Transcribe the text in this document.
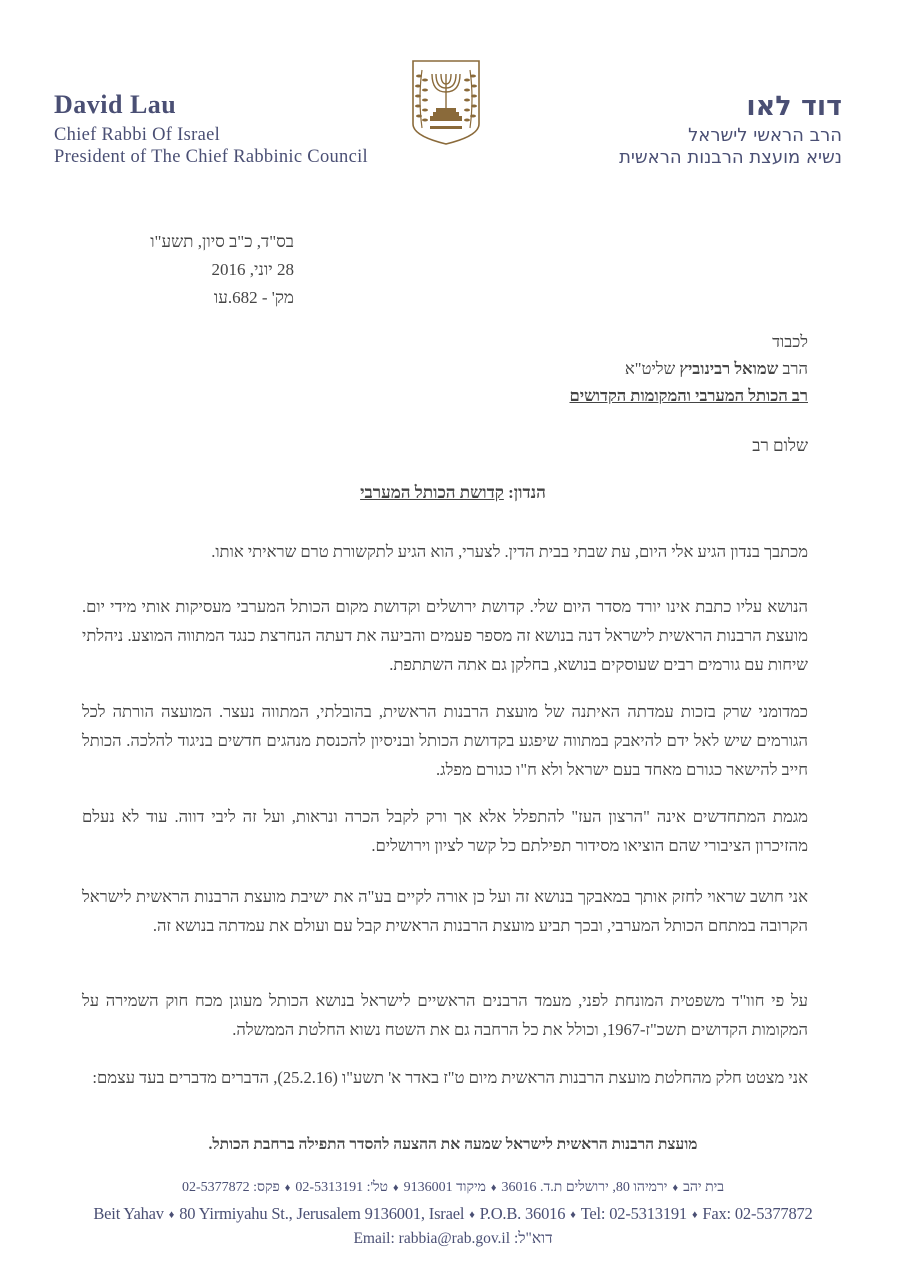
David Lau
Chief Rabbi Of Israel
President of The Chief Rabbinic Council
דוד לאו
הרב הראשי לישראל
נשיא מועצת הרבנות הראשית
בס"ד, כ"ב סיון, תשע"ו
28 יוני, 2016
מק' - 682.עו
לכבוד
הרב שמואל רבינוביץ שליט"א
רב הכותל המערבי והמקומות הקדושים
שלום רב
הנדון: קדושת הכותל המערבי
מכתבך בנדון הגיע אלי היום, עת שבתי בבית הדין. לצערי, הוא הגיע לתקשורת טרם שראיתי אותו.
הנושא עליו כתבת אינו יורד מסדר היום שלי. קדושת ירושלים וקדושת מקום הכותל המערבי מעסיקות אותי מידי יום. מועצת הרבנות הראשית לישראל דנה בנושא זה מספר פעמים והביעה את דעתה הנחרצת כנגד המתווה המוצע. ניהלתי שיחות עם גורמים רבים שעוסקים בנושא, בחלקן גם אתה השתתפת.
כמדומני שרק בזכות עמדתה האיתנה של מועצת הרבנות הראשית, בהובלתי, המתווה נעצר. המועצה הורתה לכל הגורמים שיש לאל ידם להיאבק במתווה שיפגע בקדושת הכותל ובניסיון להכנסת מנהגים חדשים בניגוד להלכה. הכותל חייב להישאר כגורם מאחד בעם ישראל ולא ח"ו כגורם מפלג.
מגמת המתחדשים אינה "הרצון העז" להתפלל אלא אך ורק לקבל הכרה ונראות, ועל זה ליבי דווה. עוד לא נעלם מהזיכרון הציבורי שהם הוציאו מסידור תפילתם כל קשר לציון וירושלים.
אני חושב שראוי לחזק אותך במאבקך בנושא זה ועל כן אורה לקיים בע"ה את ישיבת מועצת הרבנות הראשית לישראל הקרובה במתחם הכותל המערבי, ובכך תביע מועצת הרבנות הראשית קבל עם ועולם את עמדתה בנושא זה.
על פי חוו"ד משפטית המונחת לפני, מעמד הרבנים הראשיים לישראל בנושא הכותל מעוגן מכח חוק השמירה על המקומות הקדושים תשכ"ז-1967, וכולל את כל הרחבה גם את השטח נשוא החלטת הממשלה.
אני מצטט חלק מהחלטת מועצת הרבנות הראשית מיום ט"ז באדר א' תשע"ו (25.2.16), הדברים מדברים בעד עצמם:
מועצת הרבנות הראשית לישראל שמעה את ההצעה להסדר התפילה ברחבת הכותל.
בית יהב♦ירמיהו 80, ירושלים ת.ד. 36016♦מיקוד 9136001♦טל': 02-5313191♦פקס: 02-5377872
Beit Yahav ♦ 80 Yirmiyahu St., Jerusalem 9136001, Israel ♦ P.O.B. 36016 ♦ Tel: 02-5313191 ♦ Fax: 02-5377872
Email: rabbia@rab.gov.il דוא"ל:
